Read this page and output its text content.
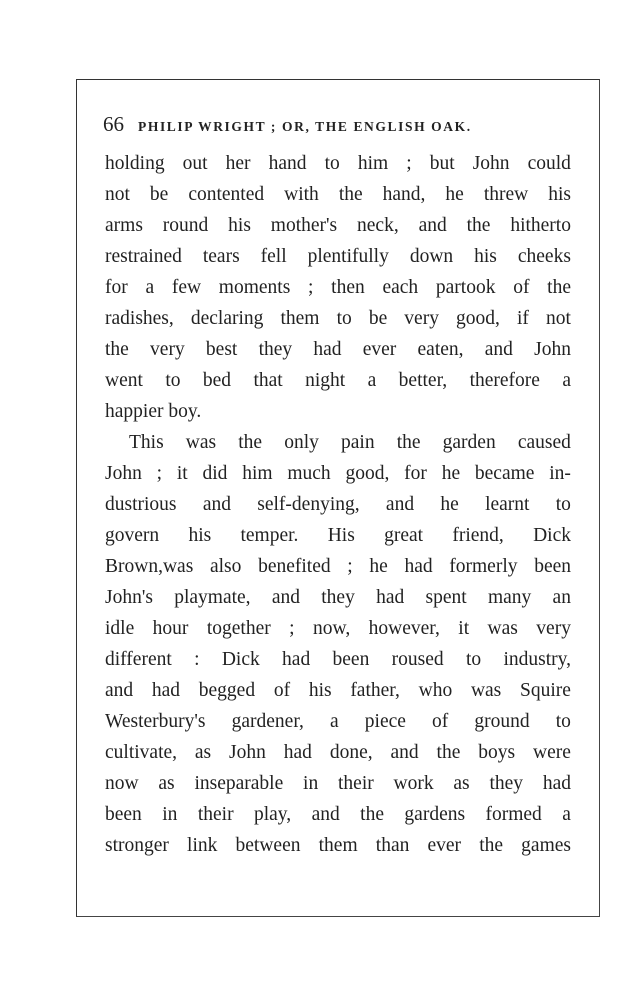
66 PHILIP WRIGHT ; OR, THE ENGLISH OAK.
holding out her hand to him ; but John could
not be contented with the hand, he threw his
arms round his mother's neck, and the hitherto
restrained tears fell plentifully down his cheeks
for a few moments ; then each partook of the
radishes, declaring them to be very good, if not
the very best they had ever eaten, and John
went to bed that night a better, therefore a
happier boy.
This was the only pain the garden caused
John ; it did him much good, for he became in-
dustrious and self-denying, and he learnt to
govern his temper. His great friend, Dick
Brown,was also benefited ; he had formerly been
John's playmate, and they had spent many an
idle hour together ; now, however, it was very
different : Dick had been roused to industry,
and had begged of his father, who was Squire
Westerbury's gardener, a piece of ground to
cultivate, as John had done, and the boys were
now as inseparable in their work as they had
been in their play, and the gardens formed a
stronger link between them than ever the games
